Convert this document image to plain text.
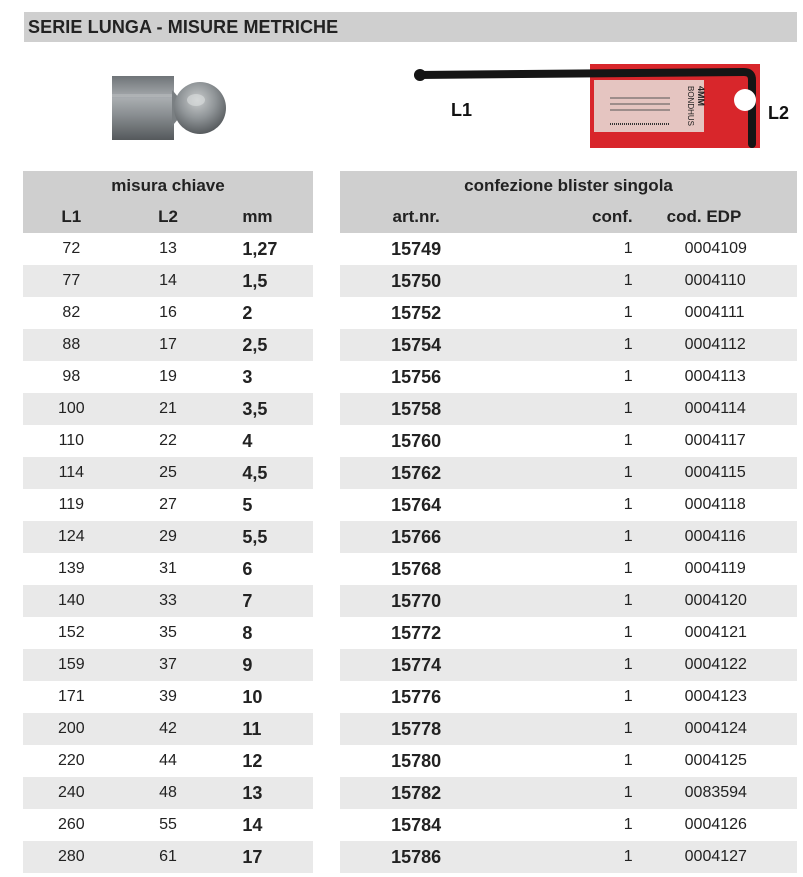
SERIE LUNGA - MISURE METRICHE
4MM
BONDHUS
L1	L2
misura chiave		
L1	L2	mm
72	13	1,27
77	14	1,5
82	16	2
88	17	2,5
98	19	3
100	21	3,5
110	22	4
114	25	4,5
119	27	5
124	29	5,5
139	31	6
140	33	7
152	35	8
159	37	9
171	39	10
200	42	11
220	44	12
240	48	13
260	55	14
280	61	17
confezione blister singola		
art.nr.	conf.	cod. EDP
15749	1	0004109
15750	1	0004110
15752	1	0004111
15754	1	0004112
15756	1	0004113
15758	1	0004114
15760	1	0004117
15762	1	0004115
15764	1	0004118
15766	1	0004116
15768	1	0004119
15770	1	0004120
15772	1	0004121
15774	1	0004122
15776	1	0004123
15778	1	0004124
15780	1	0004125
15782	1	0083594
15784	1	0004126
15786	1	0004127
